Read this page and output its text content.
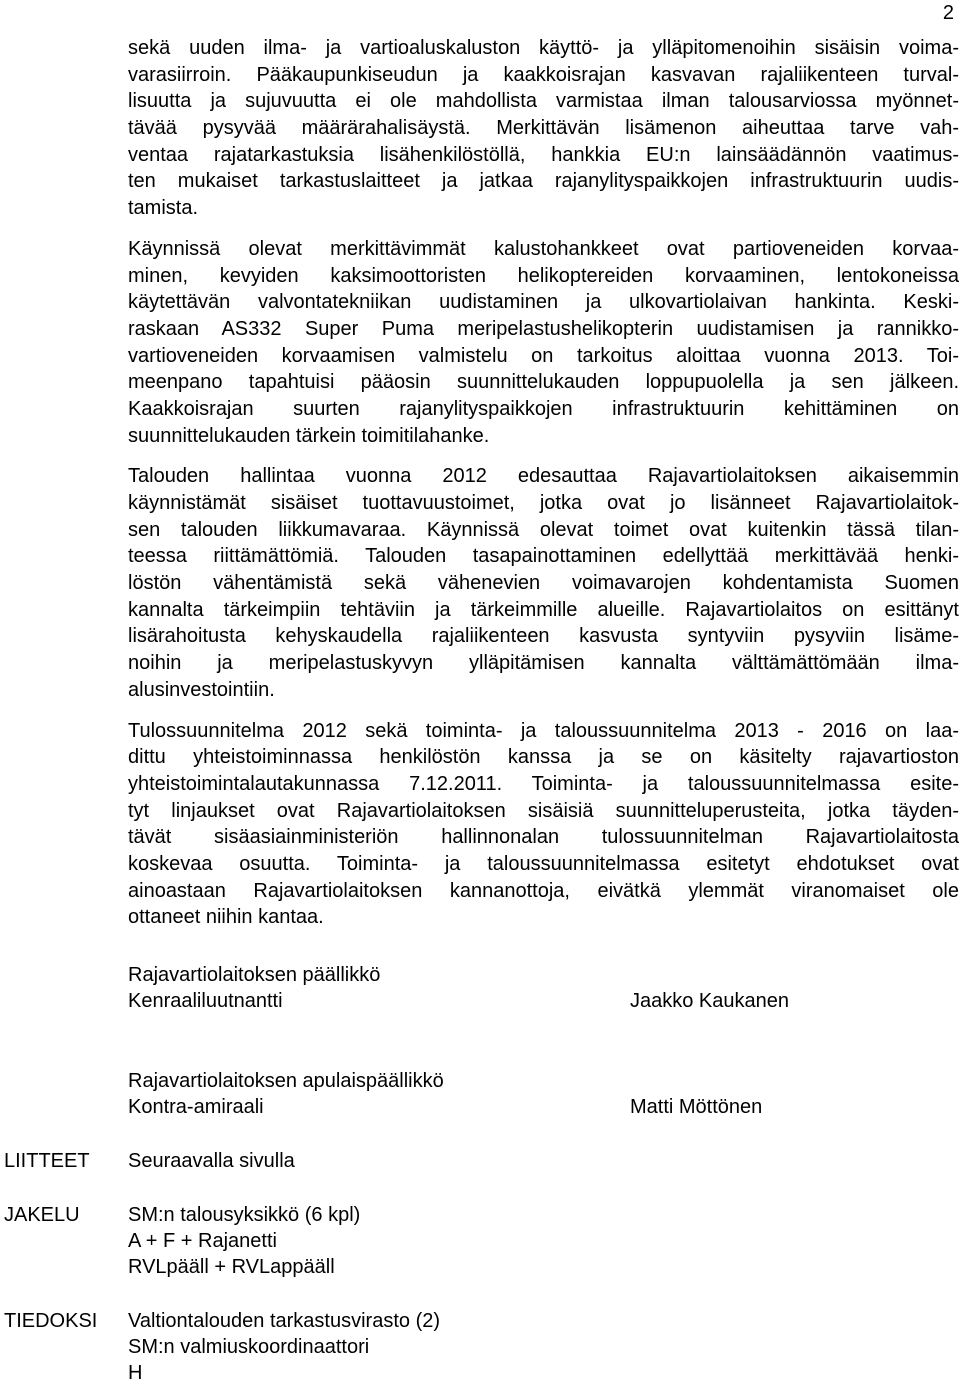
2
sekä uuden ilma- ja vartioaluskaluston käyttö- ja ylläpitomenoihin sisäisin voima-
varasiirroin. Pääkaupunkiseudun ja kaakkoisrajan kasvavan rajaliikenteen turval-
lisuutta ja sujuvuutta ei ole mahdollista varmistaa ilman talousarviossa myönnet-
tävää pysyvää määrärahalisäystä. Merkittävän lisämenon aiheuttaa tarve vah-
ventaa rajatarkastuksia lisähenkilöstöllä, hankkia EU:n lainsäädännön vaatimus-
ten mukaiset tarkastuslaitteet ja jatkaa rajanylityspaikkojen infrastruktuurin uudis-
tamista.
Käynnissä olevat merkittävimmät kalustohankkeet ovat partioveneiden korvaa-
minen, kevyiden kaksimoottoristen helikoptereiden korvaaminen, lentokoneissa
käytettävän valvontatekniikan uudistaminen ja ulkovartiolaivan hankinta. Keski-
raskaan AS332 Super Puma meripelastushelikopterin uudistamisen ja rannikko-
vartioveneiden korvaamisen valmistelu on tarkoitus aloittaa vuonna 2013. Toi-
meenpano tapahtuisi pääosin suunnittelukauden loppupuolella ja sen jälkeen.
Kaakkoisrajan suurten rajanylityspaikkojen infrastruktuurin kehittäminen on
suunnittelukauden tärkein toimitilahanke.
Talouden hallintaa vuonna 2012 edesauttaa Rajavartiolaitoksen aikaisemmin
käynnistämät sisäiset tuottavuustoimet, jotka ovat jo lisänneet Rajavartiolaitok-
sen talouden liikkumavaraa. Käynnissä olevat toimet ovat kuitenkin tässä tilan-
teessa riittämättömiä. Talouden tasapainottaminen edellyttää merkittävää henki-
löstön vähentämistä sekä vähenevien voimavarojen kohdentamista Suomen
kannalta tärkeimpiin tehtäviin ja tärkeimmille alueille. Rajavartiolaitos on esittänyt
lisärahoitusta kehyskaudella rajaliikenteen kasvusta syntyviin pysyviin lisäme-
noihin ja meripelastuskyvyn ylläpitämisen kannalta välttämättömään ilma-
alusinvestointiin.
Tulossuunnitelma 2012 sekä toiminta- ja taloussuunnitelma 2013 - 2016 on laa-
dittu yhteistoiminnassa henkilöstön kanssa ja se on käsitelty rajavartioston
yhteistoimintalautakunnassa 7.12.2011. Toiminta- ja taloussuunnitelmassa esite-
tyt linjaukset ovat Rajavartiolaitoksen sisäisiä suunnitteluperusteita, jotka täyden-
tävät sisäasiainministeriön hallinnonalan tulossuunnitelman Rajavartiolaitosta
koskevaa osuutta. Toiminta- ja taloussuunnitelmassa esitetyt ehdotukset ovat
ainoastaan Rajavartiolaitoksen kannanottoja, eivätkä ylemmät viranomaiset ole
ottaneet niihin kantaa.
Rajavartiolaitoksen päällikkö
Kenraaliluutnantti	Jaakko Kaukanen
Rajavartiolaitoksen apulaispäällikkö
Kontra-amiraali	Matti Möttönen
LIITTEET Seuraavalla sivulla
JAKELU SM:n talousyksikkö (6 kpl)
A + F + Rajanetti
RVLpääll + RVLappääll
TIEDOKSI Valtiontalouden tarkastusvirasto (2)
SM:n valmiuskoordinaattori
H
